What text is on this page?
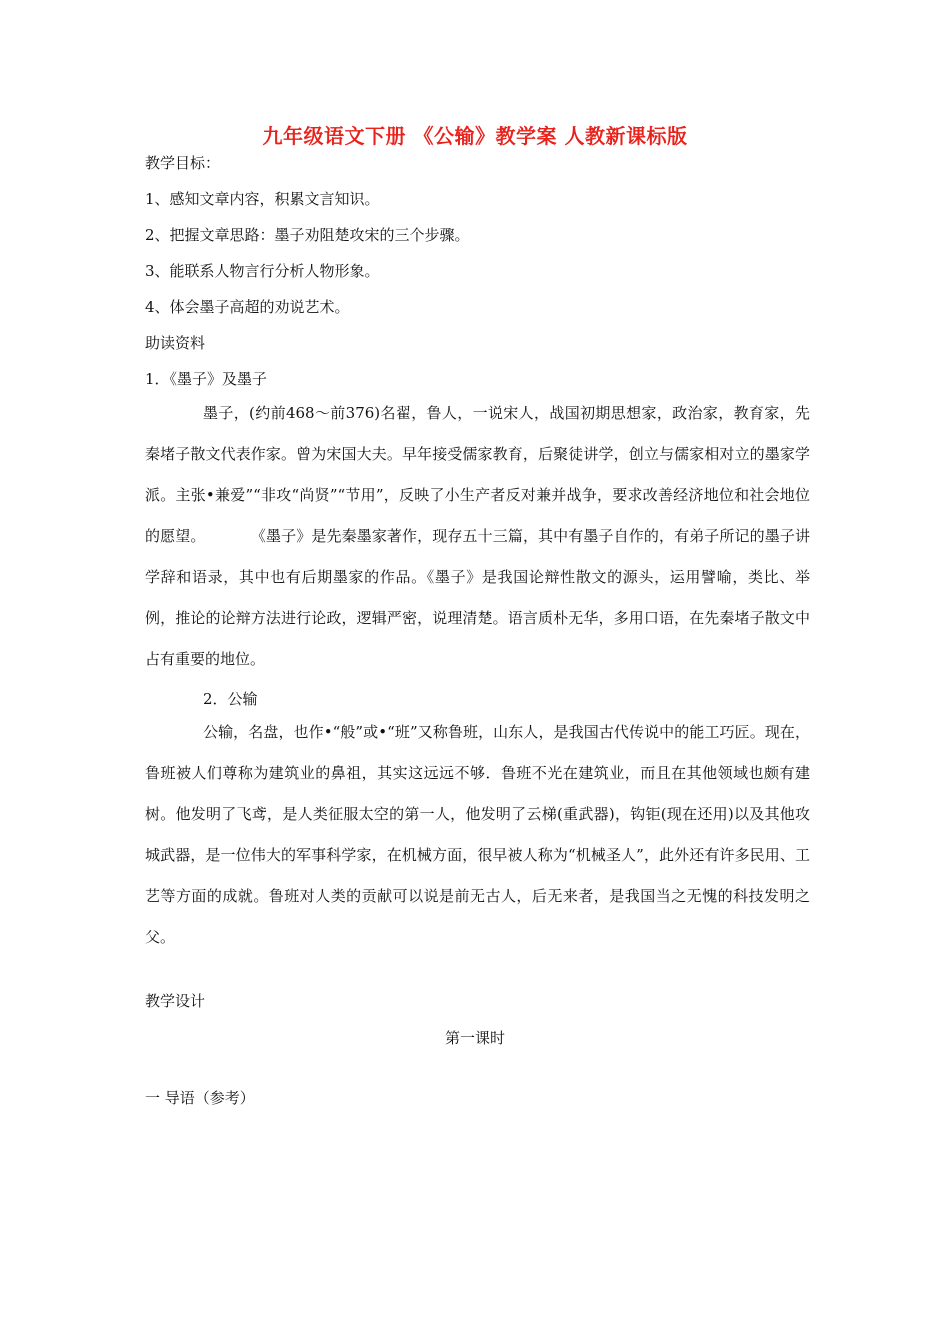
九年级语文下册 《公输》教学案 人教新课标版
教学目标：
1、感知文章内容，积累文言知识。
2、把握文章思路：墨子劝阻楚攻宋的三个步骤。
3、能联系人物言行分析人物形象。
4、体会墨子高超的劝说艺术。
助读资料
1．《墨子》及墨子
墨子，(约前468～前376)名翟，鲁人，一说宋人，战国初期思想家，政治家，教育家，先秦堵子散文代表作家。曾为宋国大夫。早年接受儒家教育，后聚徒讲学，创立与儒家相对立的墨家学派。主张•兼爱”“非攻“尚贤”“节用”，反映了小生产者反对兼并战争，要求改善经济地位和社会地位的愿望。　　　　《墨子》是先秦墨家著作，现存五十三篇，其中有墨子自作的，有弟子所记的墨子讲学辞和语录，其中也有后期墨家的作品。《墨子》是我国论辩性散文的源头，运用譬喻，类比、举例，推论的论辩方法进行论政，逻辑严密，说理清楚。语言质朴无华，多用口语，在先秦堵子散文中占有重要的地位。
2．公输
公输，名盘，也作•“般”或•“班”又称鲁班，山东人，是我国古代传说中的能工巧匠。现在，鲁班被人们尊称为建筑业的鼻祖，其实这远远不够．鲁班不光在建筑业，而且在其他领域也颇有建树。他发明了飞鸢，是人类征服太空的第一人，他发明了云梯(重武器)，钩钜(现在还用)以及其他攻城武器，是一位伟大的军事科学家，在机械方面，很早被人称为“机械圣人”，此外还有许多民用、工艺等方面的成就。鲁班对人类的贡献可以说是前无古人，后无来者，是我国当之无愧的科技发明之父。
教学设计
第一课时
一 导语（参考）
